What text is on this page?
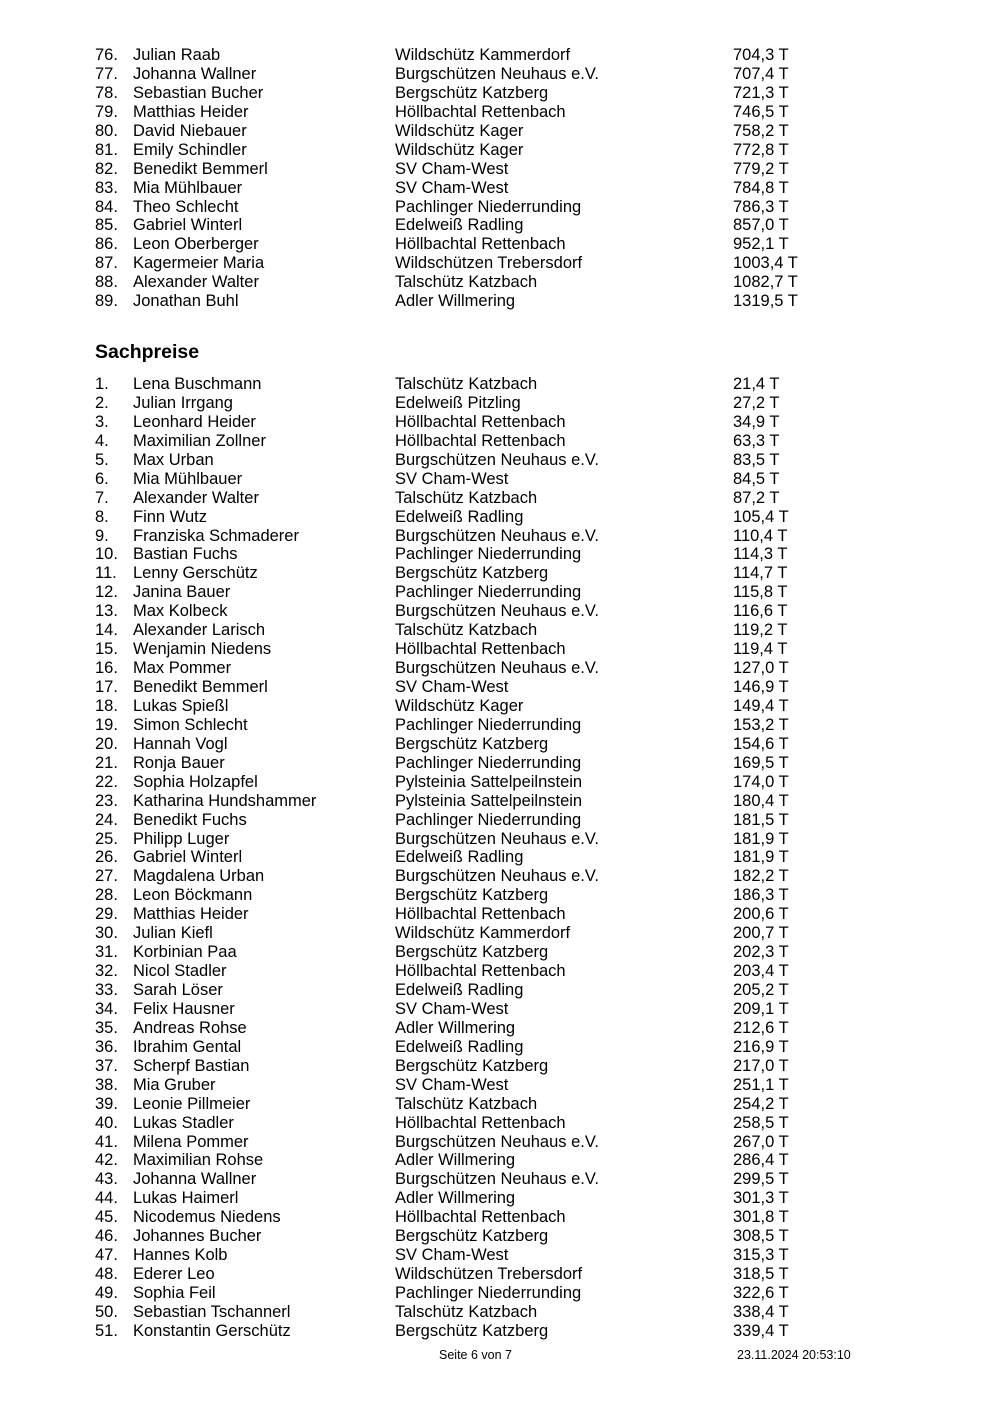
76. Julian Raab	Wildschütz Kammerdorf	704,3 T
77. Johanna Wallner	Burgschützen Neuhaus e.V.	707,4 T
78. Sebastian Bucher	Bergschütz Katzberg	721,3 T
79. Matthias Heider	Höllbachtal Rettenbach	746,5 T
80. David Niebauer	Wildschütz Kager	758,2 T
81. Emily Schindler	Wildschütz Kager	772,8 T
82. Benedikt Bemmerl	SV Cham-West	779,2 T
83. Mia Mühlbauer	SV Cham-West	784,8 T
84. Theo Schlecht	Pachlinger Niederrunding	786,3 T
85. Gabriel Winterl	Edelweiß Radling	857,0 T
86. Leon Oberberger	Höllbachtal Rettenbach	952,1 T
87. Kagermeier Maria	Wildschützen Trebersdorf	1003,4 T
88. Alexander Walter	Talschütz Katzbach	1082,7 T
89. Jonathan Buhl	Adler Willmering	1319,5 T
Sachpreise
1. Lena Buschmann	Talschütz Katzbach	21,4 T
2. Julian Irrgang	Edelweiß Pitzling	27,2 T
3. Leonhard Heider	Höllbachtal Rettenbach	34,9 T
4. Maximilian Zollner	Höllbachtal Rettenbach	63,3 T
5. Max Urban	Burgschützen Neuhaus e.V.	83,5 T
6. Mia Mühlbauer	SV Cham-West	84,5 T
7. Alexander Walter	Talschütz Katzbach	87,2 T
8. Finn Wutz	Edelweiß Radling	105,4 T
9. Franziska Schmaderer	Burgschützen Neuhaus e.V.	110,4 T
10. Bastian Fuchs	Pachlinger Niederrunding	114,3 T
11. Lenny Gerschütz	Bergschütz Katzberg	114,7 T
12. Janina Bauer	Pachlinger Niederrunding	115,8 T
13. Max Kolbeck	Burgschützen Neuhaus e.V.	116,6 T
14. Alexander Larisch	Talschütz Katzbach	119,2 T
15. Wenjamin Niedens	Höllbachtal Rettenbach	119,4 T
16. Max Pommer	Burgschützen Neuhaus e.V.	127,0 T
17. Benedikt Bemmerl	SV Cham-West	146,9 T
18. Lukas Spießl	Wildschütz Kager	149,4 T
19. Simon Schlecht	Pachlinger Niederrunding	153,2 T
20. Hannah Vogl	Bergschütz Katzberg	154,6 T
21. Ronja Bauer	Pachlinger Niederrunding	169,5 T
22. Sophia Holzapfel	Pylsteinia Sattelpeilnstein	174,0 T
23. Katharina Hundshammer	Pylsteinia Sattelpeilnstein	180,4 T
24. Benedikt Fuchs	Pachlinger Niederrunding	181,5 T
25. Philipp Luger	Burgschützen Neuhaus e.V.	181,9 T
26. Gabriel Winterl	Edelweiß Radling	181,9 T
27. Magdalena Urban	Burgschützen Neuhaus e.V.	182,2 T
28. Leon Böckmann	Bergschütz Katzberg	186,3 T
29. Matthias Heider	Höllbachtal Rettenbach	200,6 T
30. Julian Kiefl	Wildschütz Kammerdorf	200,7 T
31. Korbinian Paa	Bergschütz Katzberg	202,3 T
32. Nicol Stadler	Höllbachtal Rettenbach	203,4 T
33. Sarah Löser	Edelweiß Radling	205,2 T
34. Felix Hausner	SV Cham-West	209,1 T
35. Andreas Rohse	Adler Willmering	212,6 T
36. Ibrahim Gental	Edelweiß Radling	216,9 T
37. Scherpf Bastian	Bergschütz Katzberg	217,0 T
38. Mia Gruber	SV Cham-West	251,1 T
39. Leonie Pillmeier	Talschütz Katzbach	254,2 T
40. Lukas Stadler	Höllbachtal Rettenbach	258,5 T
41. Milena Pommer	Burgschützen Neuhaus e.V.	267,0 T
42. Maximilian Rohse	Adler Willmering	286,4 T
43. Johanna Wallner	Burgschützen Neuhaus e.V.	299,5 T
44. Lukas Haimerl	Adler Willmering	301,3 T
45. Nicodemus Niedens	Höllbachtal Rettenbach	301,8 T
46. Johannes Bucher	Bergschütz Katzberg	308,5 T
47. Hannes Kolb	SV Cham-West	315,3 T
48. Ederer Leo	Wildschützen Trebersdorf	318,5 T
49. Sophia Feil	Pachlinger Niederrunding	322,6 T
50. Sebastian Tschannerl	Talschütz Katzbach	338,4 T
51. Konstantin Gerschütz	Bergschütz Katzberg	339,4 T
Seite 6 von 7	23.11.2024 20:53:10
